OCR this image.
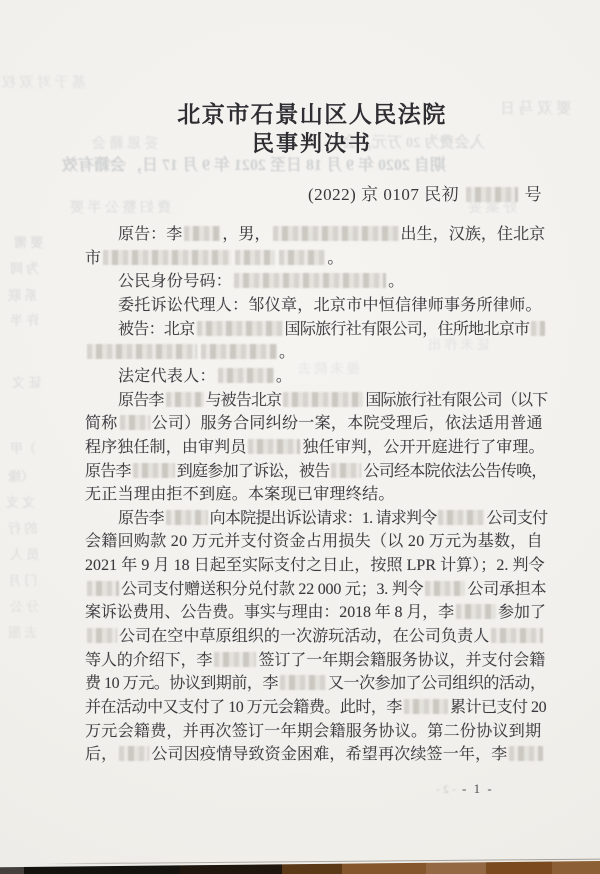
基 于 对 双 权
要 双 马 日
妥 恩 籍 会	入会费为 20 万元，会
期自 2020 年 9 月 18 日至 2021 年 9 月 17 日，会籍有效
费 妇 整 公 半 要	好 案 妥
要 需
为 同
系 联
许 半
证 文
证 未 作 出
提 未 院 去
）甲
（缘
文 支
的 行
员 人
门 月
分 公
去 服
- 2 -
北京市石景山区人民法院
民事判决书
(2022) 京 0107 民初	号
原告：李	，男，	出生，汉族，住北京
市	。
公民身份号码：	。
委托诉讼代理人：邹仪章，北京市中恒信律师事务所律师。
被告：北京	国际旅行社有限公司，住所地北京市
。
法定代表人：	。
原告李	与被告北京	国际旅行社有限公司（以下
简称 公司）服务合同纠纷一案，本院受理后，依法适用普通
程序独任制，由审判员	独任审判，公开开庭进行了审理。
原告李	到庭参加了诉讼，被告 公司经本院依法公告传唤，
无正当理由拒不到庭。本案现已审理终结。
原告李	向本院提出诉讼请求：1. 请求判令	公司支付
会籍回购款 20 万元并支付资金占用损失（以 20 万元为基数，自
2021 年 9 月 18 日起至实际支付之日止，按照 LPR 计算）；2. 判令
公司支付赠送积分兑付款 22 000 元；3. 判令	公司承担本
案诉讼费用、公告费。事实与理由：2018 年 8 月，李	参加了
公司在空中草原组织的一次游玩活动，在公司负责人
等人的介绍下，李	签订了一年期会籍服务协议，并支付会籍
费 10 万元。协议到期前，李	又一次参加了公司组织的活动，
并在活动中又支付了 10 万元会籍费。此时，李	累计已支付 20
万元会籍费，并再次签订一年期会籍服务协议。第二份协议到期
后， 公司因疫情导致资金困难，希望再次续签一年，李
- 1 -
